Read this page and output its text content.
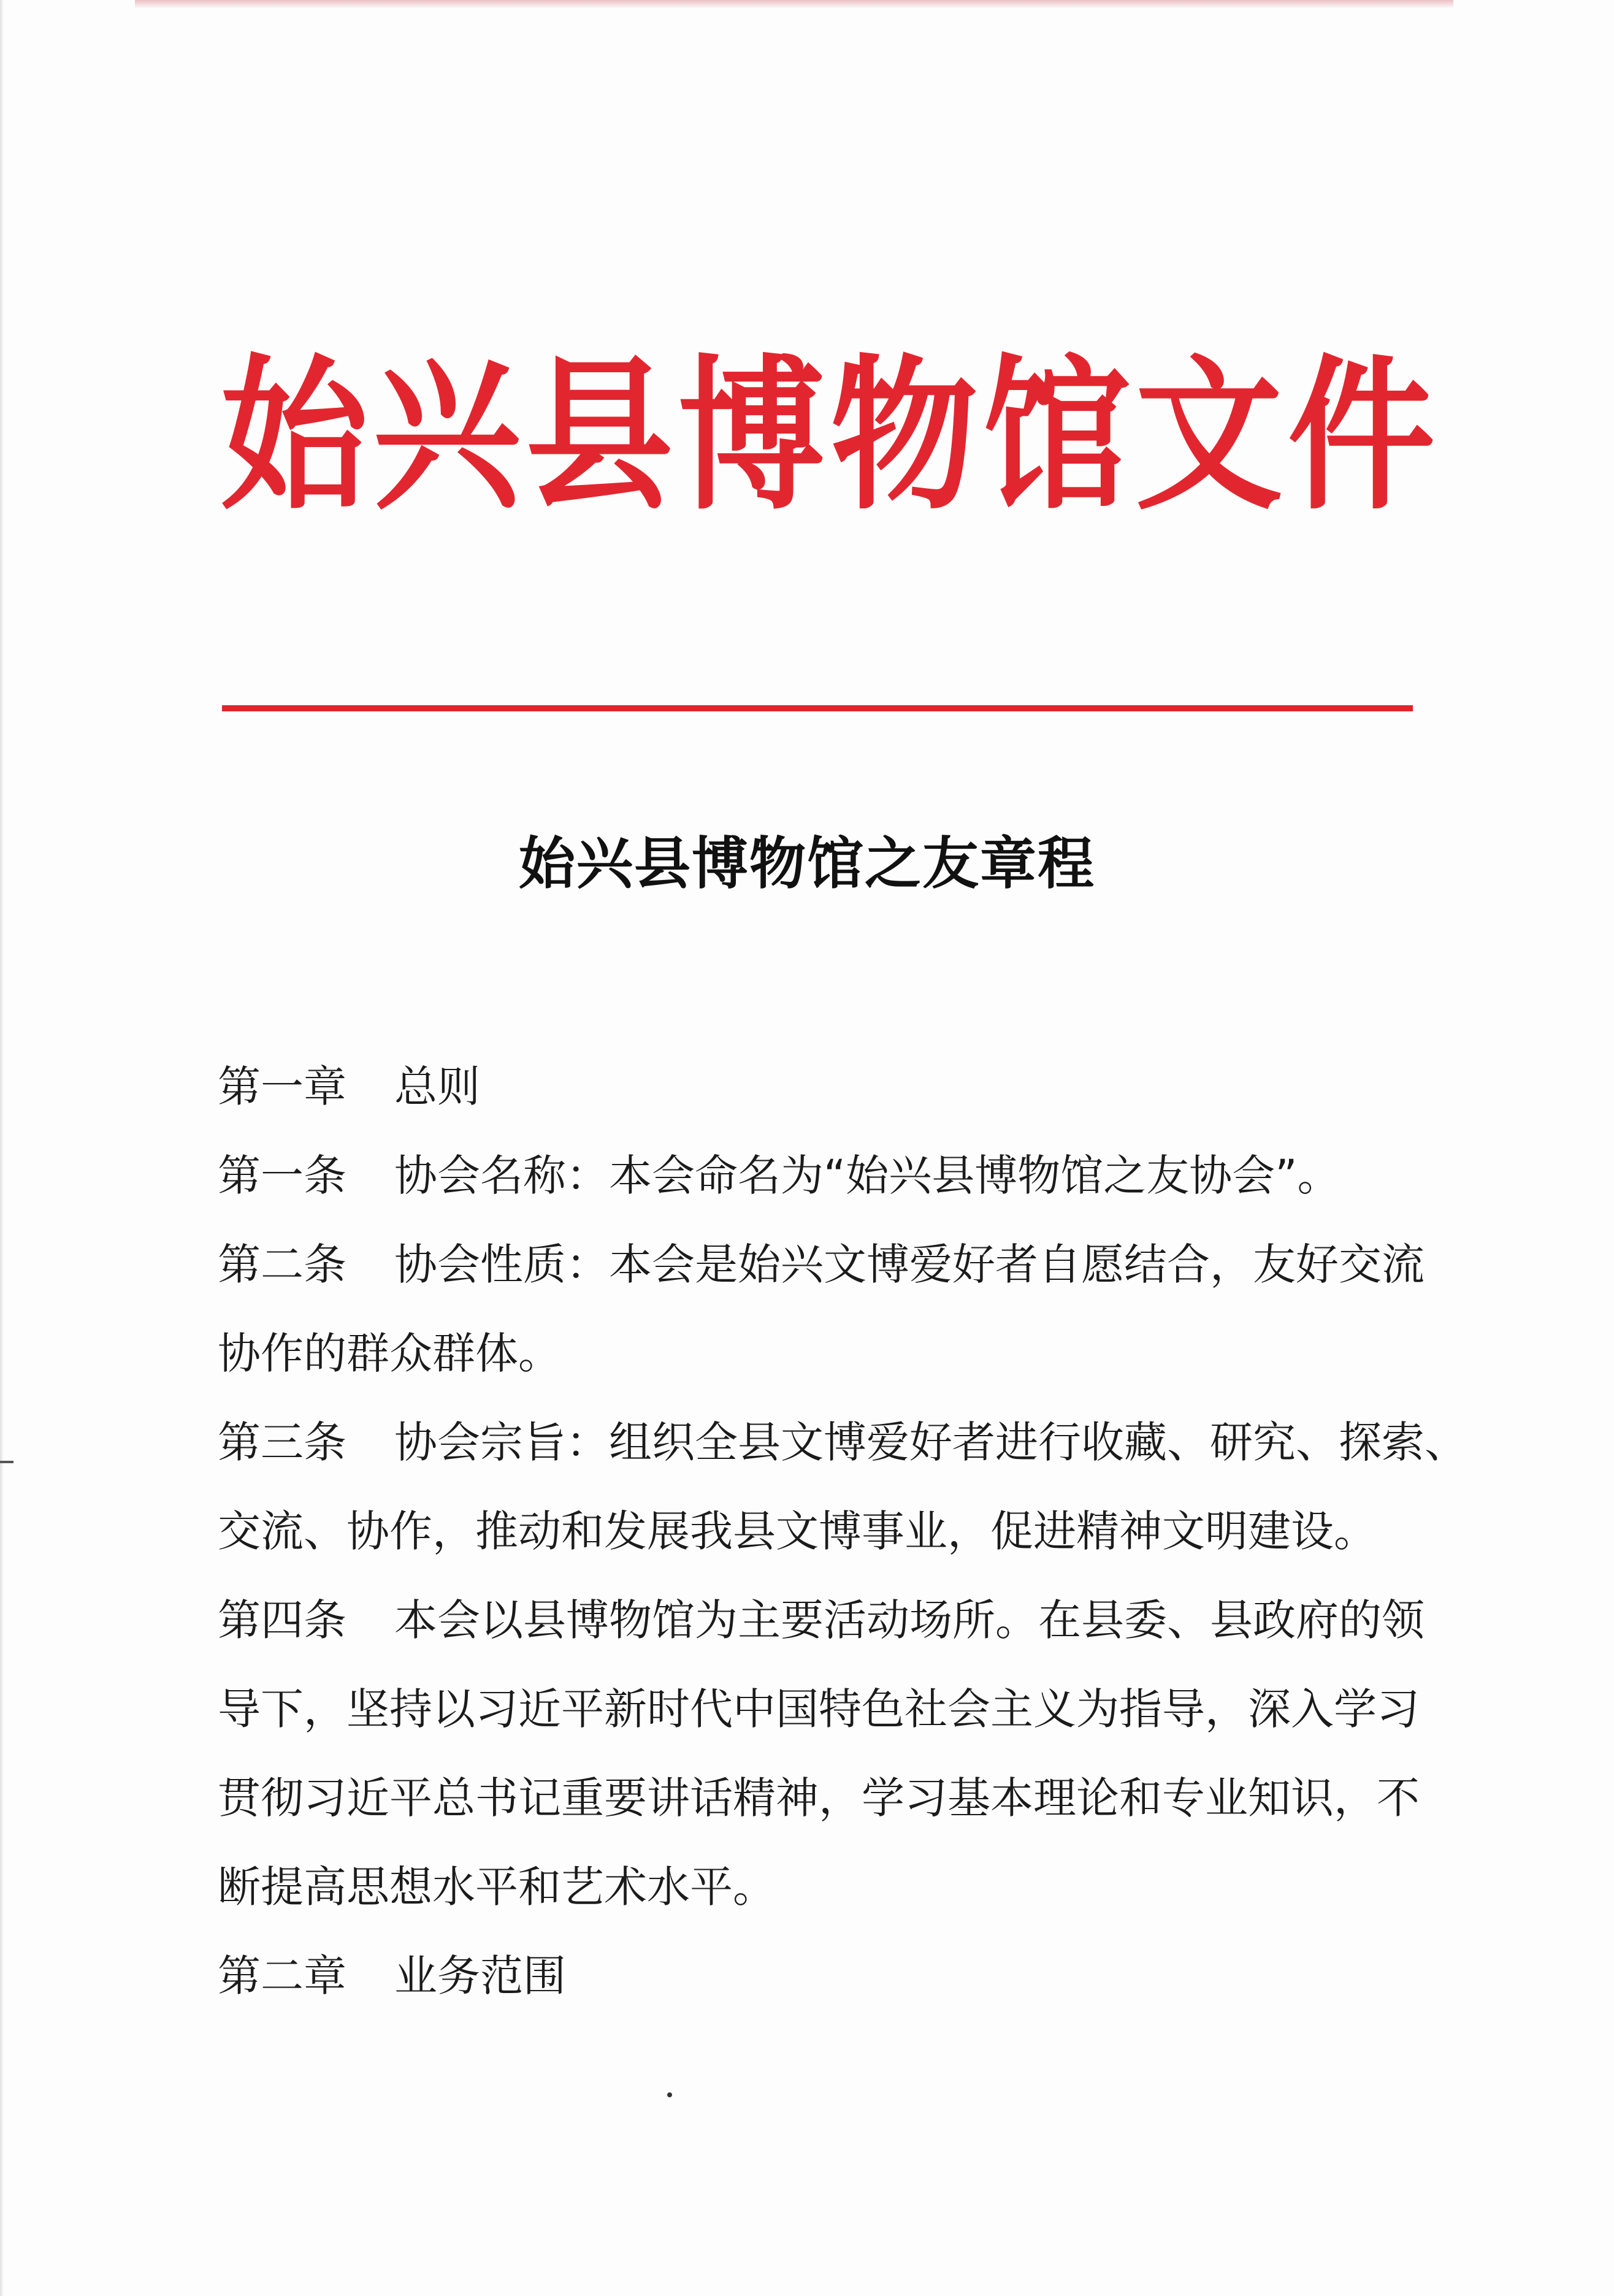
始 兴 县 博 物 馆 文 件
始兴县博物馆之友章程
第一章 总则
第一条 协会名称：本会命名为“始兴县博物馆之友协会”。
第二条 协会性质：本会是始兴文博爱好者自愿结合，友好交流
协作的群众群体。
第三条 协会宗旨：组织全县文博爱好者进行收藏、研究、探索、
交流、协作，推动和发展我县文博事业，促进精神文明建设。
第四条 本会以县博物馆为主要活动场所。在县委、县政府的领
导下，坚持以习近平新时代中国特色社会主义为指导，深入学习
贯彻习近平总书记重要讲话精神，学习基本理论和专业知识，不
断提高思想水平和艺术水平。
第二章 业务范围
